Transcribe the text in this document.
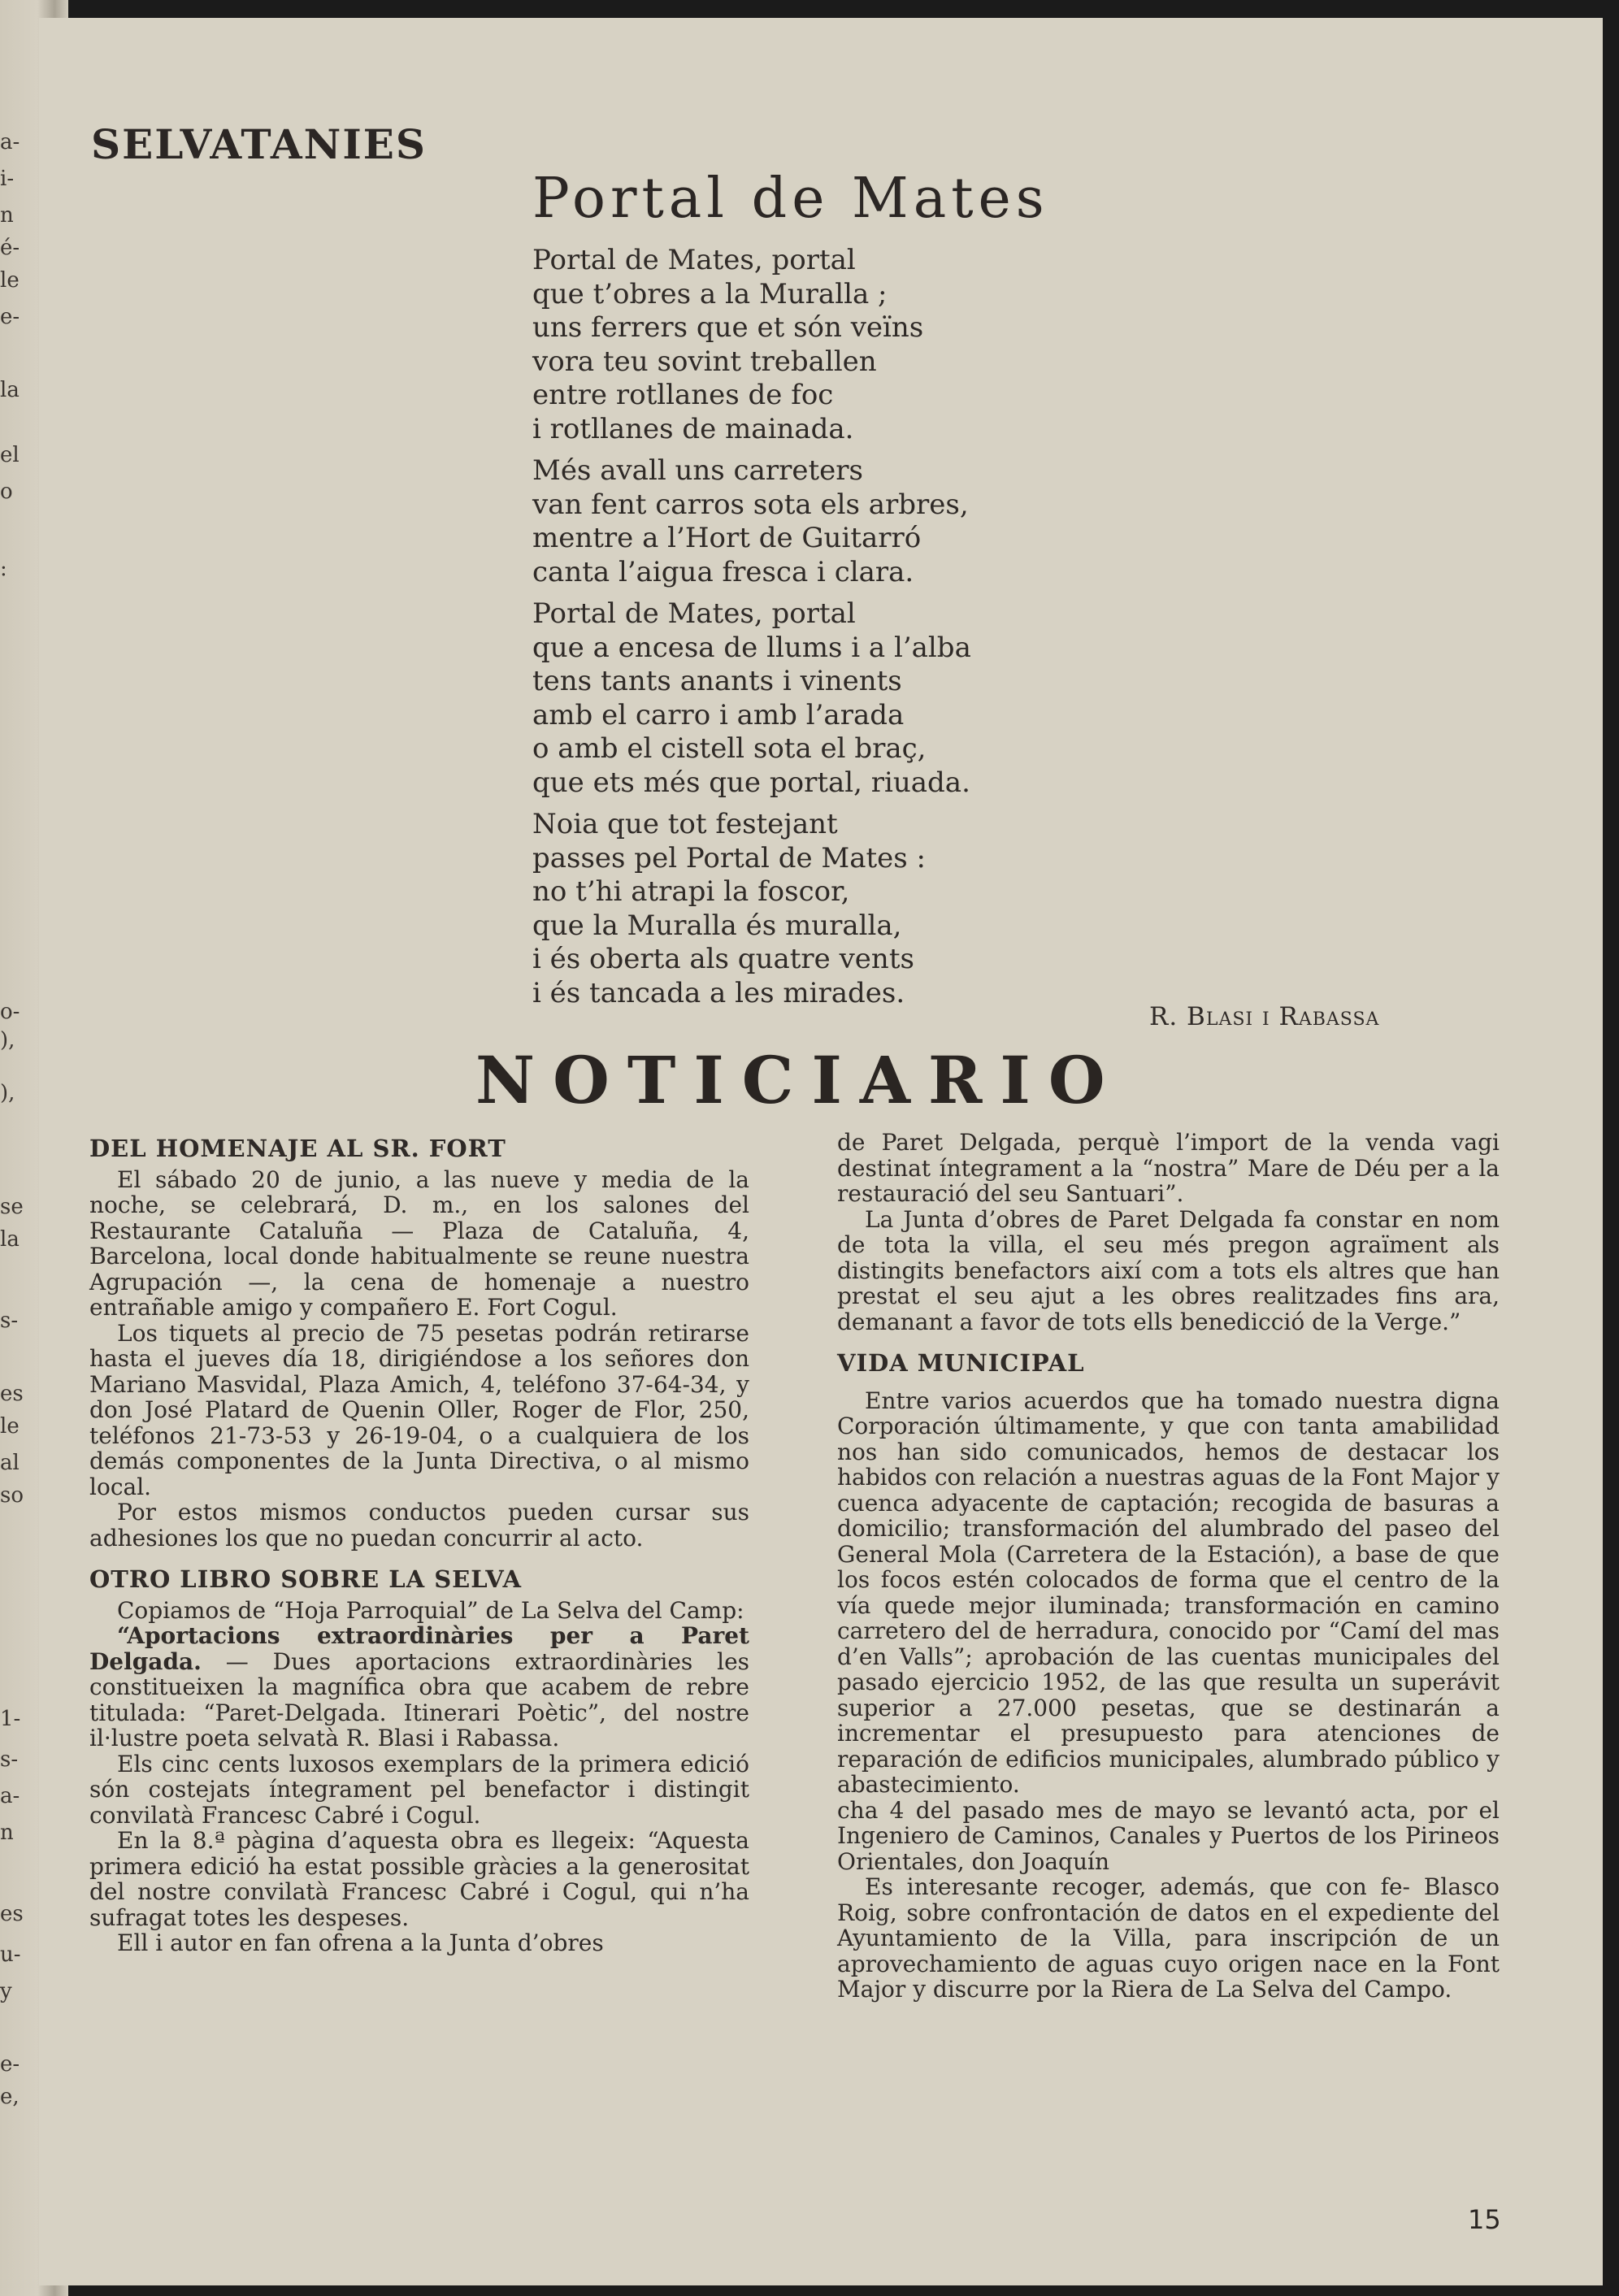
a-
i-
n
é-
le
e-
la
el
o
:
o-
),
),
se
la
s-
es
le
al
so
1-
s-
a-
n
es
u-
y
e-
e,
SELVATANIES
Portal de Mates
Portal de Mates, portal
que t’obres a la Muralla ;
uns ferrers que et són veïns
vora teu sovint treballen
entre rotllanes de foc
i rotllanes de mainada.
Més avall uns carreters
van fent carros sota els arbres,
mentre a l’Hort de Guitarró
canta l’aigua fresca i clara.
Portal de Mates, portal
que a encesa de llums i a l’alba
tens tants anants i vinents
amb el carro i amb l’arada
o amb el cistell sota el braç,
que ets més que portal, riuada.
Noia que tot festejant
passes pel Portal de Mates :
no t’hi atrapi la foscor,
que la Muralla és muralla,
i és oberta als quatre vents
i és tancada a les mirades.
R. Blasi i Rabassa
NOTICIARIO
DEL HOMENAJE AL SR. FORT

El sábado 20 de junio, a las nueve y media de la noche, se celebrará, D. m., en los salones del Restaurante Cataluña — Plaza de Cataluña, 4, Barcelona, local donde habitualmente se reune nuestra Agrupación —, la cena de homenaje a nuestro entrañable amigo y compañero E. Fort Cogul.

Los tiquets al precio de 75 pesetas podrán retirarse hasta el jueves día 18, dirigiéndose a los señores don Mariano Masvidal, Plaza Amich, 4, teléfono 37-64-34, y don José Platard de Quenin Oller, Roger de Flor, 250, teléfonos 21-73-53 y 26-19-04, o a cualquiera de los demás componentes de la Junta Directiva, o al mismo local.

Por estos mismos conductos pueden cursar sus adhesiones los que no puedan concurrir al acto.

OTRO LIBRO SOBRE LA SELVA

Copiamos de “Hoja Parroquial” de La Selva del Camp:

“Aportacions extraordinàries per a Paret Delgada. — Dues aportacions extraordinàries les constitueixen la magnífica obra que acabem de rebre titulada: “Paret-Delgada. Itinerari Poètic”, del nostre il·lustre poeta selvatà R. Blasi i Rabassa.

Els cinc cents luxosos exemplars de la primera edició són costejats íntegrament pel benefactor i distingit convilatà Francesc Cabré i Cogul.

En la 8.ª pàgina d’aquesta obra es llegeix: “Aquesta primera edició ha estat possible gràcies a la generositat del nostre convilatà Francesc Cabré i Cogul, qui n’ha sufragat totes les despeses.

Ell i autor en fan ofrena a la Junta d’obres

de Paret Delgada, perquè l’import de la venda vagi destinat íntegrament a la “nostra” Mare de Déu per a la restauració del seu Santuari”.

La Junta d’obres de Paret Delgada fa constar en nom de tota la villa, el seu més pregon agraïment als distingits benefactors així com a tots els altres que han prestat el seu ajut a les obres realitzades fins ara, demanant a favor de tots ells benedicció de la Verge.”

VIDA MUNICIPAL

Entre varios acuerdos que ha tomado nuestra digna Corporación últimamente, y que con tanta amabilidad nos han sido comunicados, hemos de destacar los habidos con relación a nuestras aguas de la Font Major y cuenca adyacente de captación; recogida de basuras a domicilio; transformación del alumbrado del paseo del General Mola (Carretera de la Estación), a base de que los focos estén colocados de forma que el centro de la vía quede mejor iluminada; transformación en camino carretero del de herradura, conocido por “Camí del mas d’en Valls”; aprobación de las cuentas municipales del pasado ejercicio 1952, de las que resulta un superávit superior a 27.000 pesetas, que se destinarán a incrementar el presupuesto para atenciones de reparación de edificios municipales, alumbrado público y abastecimiento.

cha 4 del pasado mes de mayo se levantó acta, por el Ingeniero de Caminos, Canales y Puertos de los Pirineos Orientales, don Joaquín

Es interesante recoger, además, que con fe- Blasco Roig, sobre confrontación de datos en el expediente del Ayuntamiento de la Villa, para inscripción de un aprovechamiento de aguas cuyo origen nace en la Font Major y discurre por la Riera de La Selva del Campo.

15
